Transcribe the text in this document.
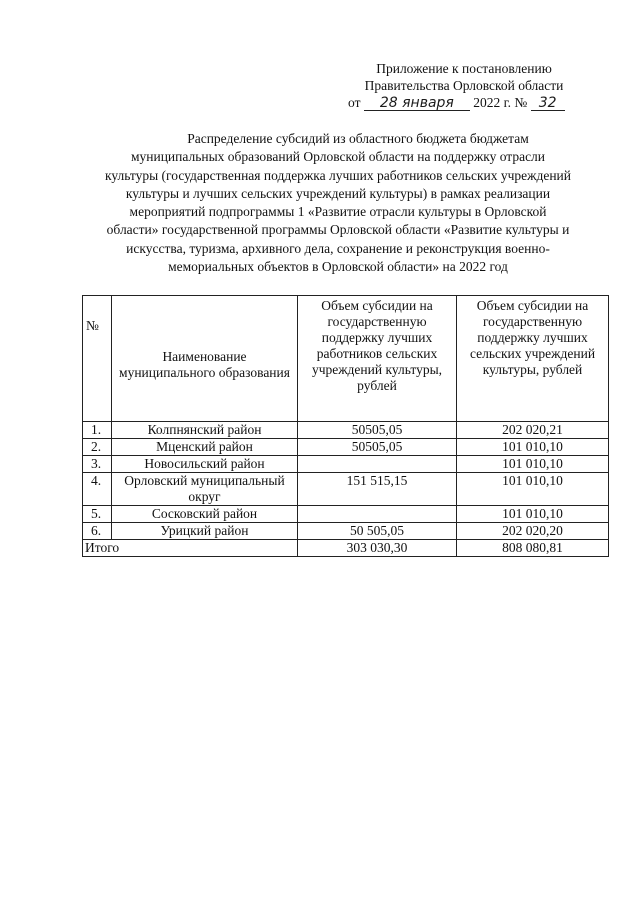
Приложение к постановлению
Правительства Орловской области
от 28 января 2022 г. № 32
Распределение субсидий из областного бюджета бюджетам
муниципальных образований Орловской области на поддержку отрасли
культуры (государственная поддержка лучших работников сельских учреждений
культуры и лучших сельских учреждений культуры) в рамках реализации
мероприятий подпрограммы 1 «Развитие отрасли культуры в Орловской
области» государственной программы Орловской области «Развитие культуры и
искусства, туризма, архивного дела, сохранение и реконструкция военно-
мемориальных объектов в Орловской области» на 2022 год
№	Наименование муниципального образования	Объем субсидии на государственную поддержку лучших работников сельских учреждений культуры, рублей	Объем субсидии на государственную поддержку лучших сельских учреждений культуры, рублей
1.	Колпнянский район	50505,05	202 020,21
2.	Мценский район	50505,05	101 010,10
3.	Новосильский район		101 010,10
4.	Орловский муниципальный округ	151 515,15	101 010,10
5.	Сосковский район		101 010,10
6.	Урицкий район	50 505,05	202 020,20
Итого		303 030,30	808 080,81
